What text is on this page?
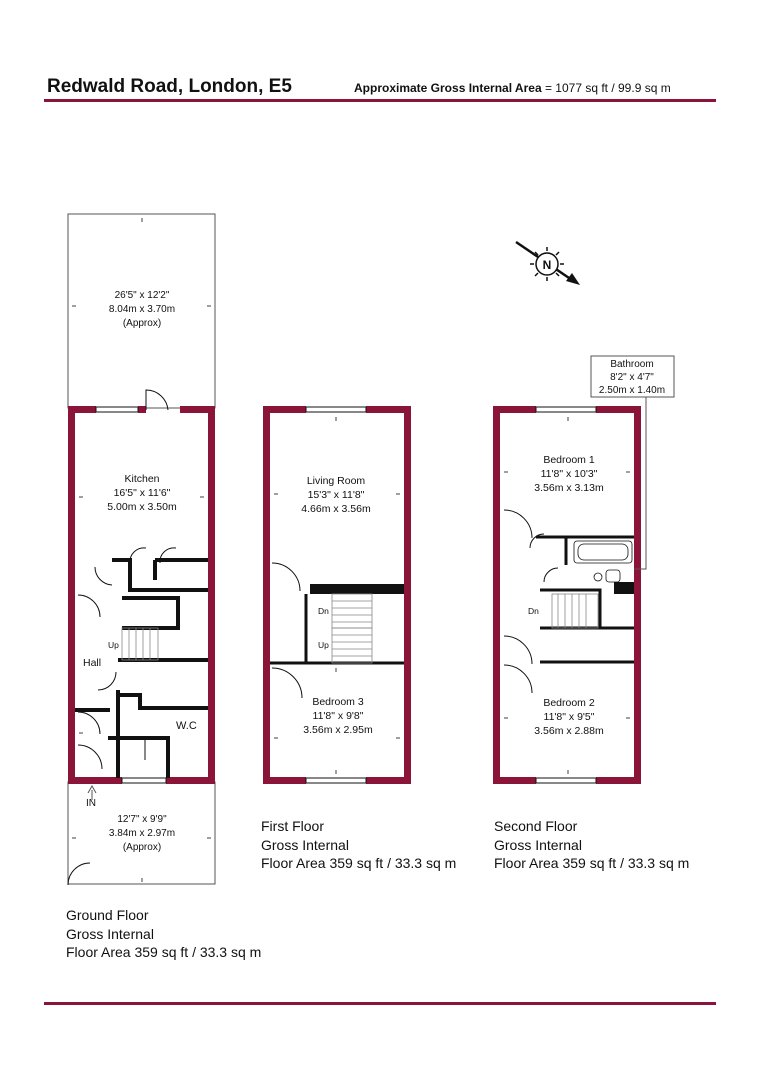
Redwald Road, London, E5	Approximate Gross Internal Area = 1077 sq ft / 99.9 sq m
26'5" x 12'2"
8.04m x 3.70m
(Approx)
Kitchen
16'5" x 11'6"
5.00m x 3.50m
Hall
Up
W.C
IN
12'7" x 9'9"
3.84m x 2.97m
(Approx)
Living Room
15'3" x 11'8"
4.66m x 3.56m
Dn
Up
Bedroom 3
11'8" x 9'8"
3.56m x 2.95m
Bathroom
8'2" x 4'7"
2.50m x 1.40m
Bedroom 1
11'8" x 10'3"
3.56m x 3.13m
Dn
Bedroom 2
11'8" x 9'5"
3.56m x 2.88m
N
Ground Floor
Gross Internal
Floor Area 359 sq ft / 33.3 sq m
First Floor
Gross Internal
Floor Area 359 sq ft / 33.3 sq m
Second Floor
Gross Internal
Floor Area 359 sq ft / 33.3 sq m
